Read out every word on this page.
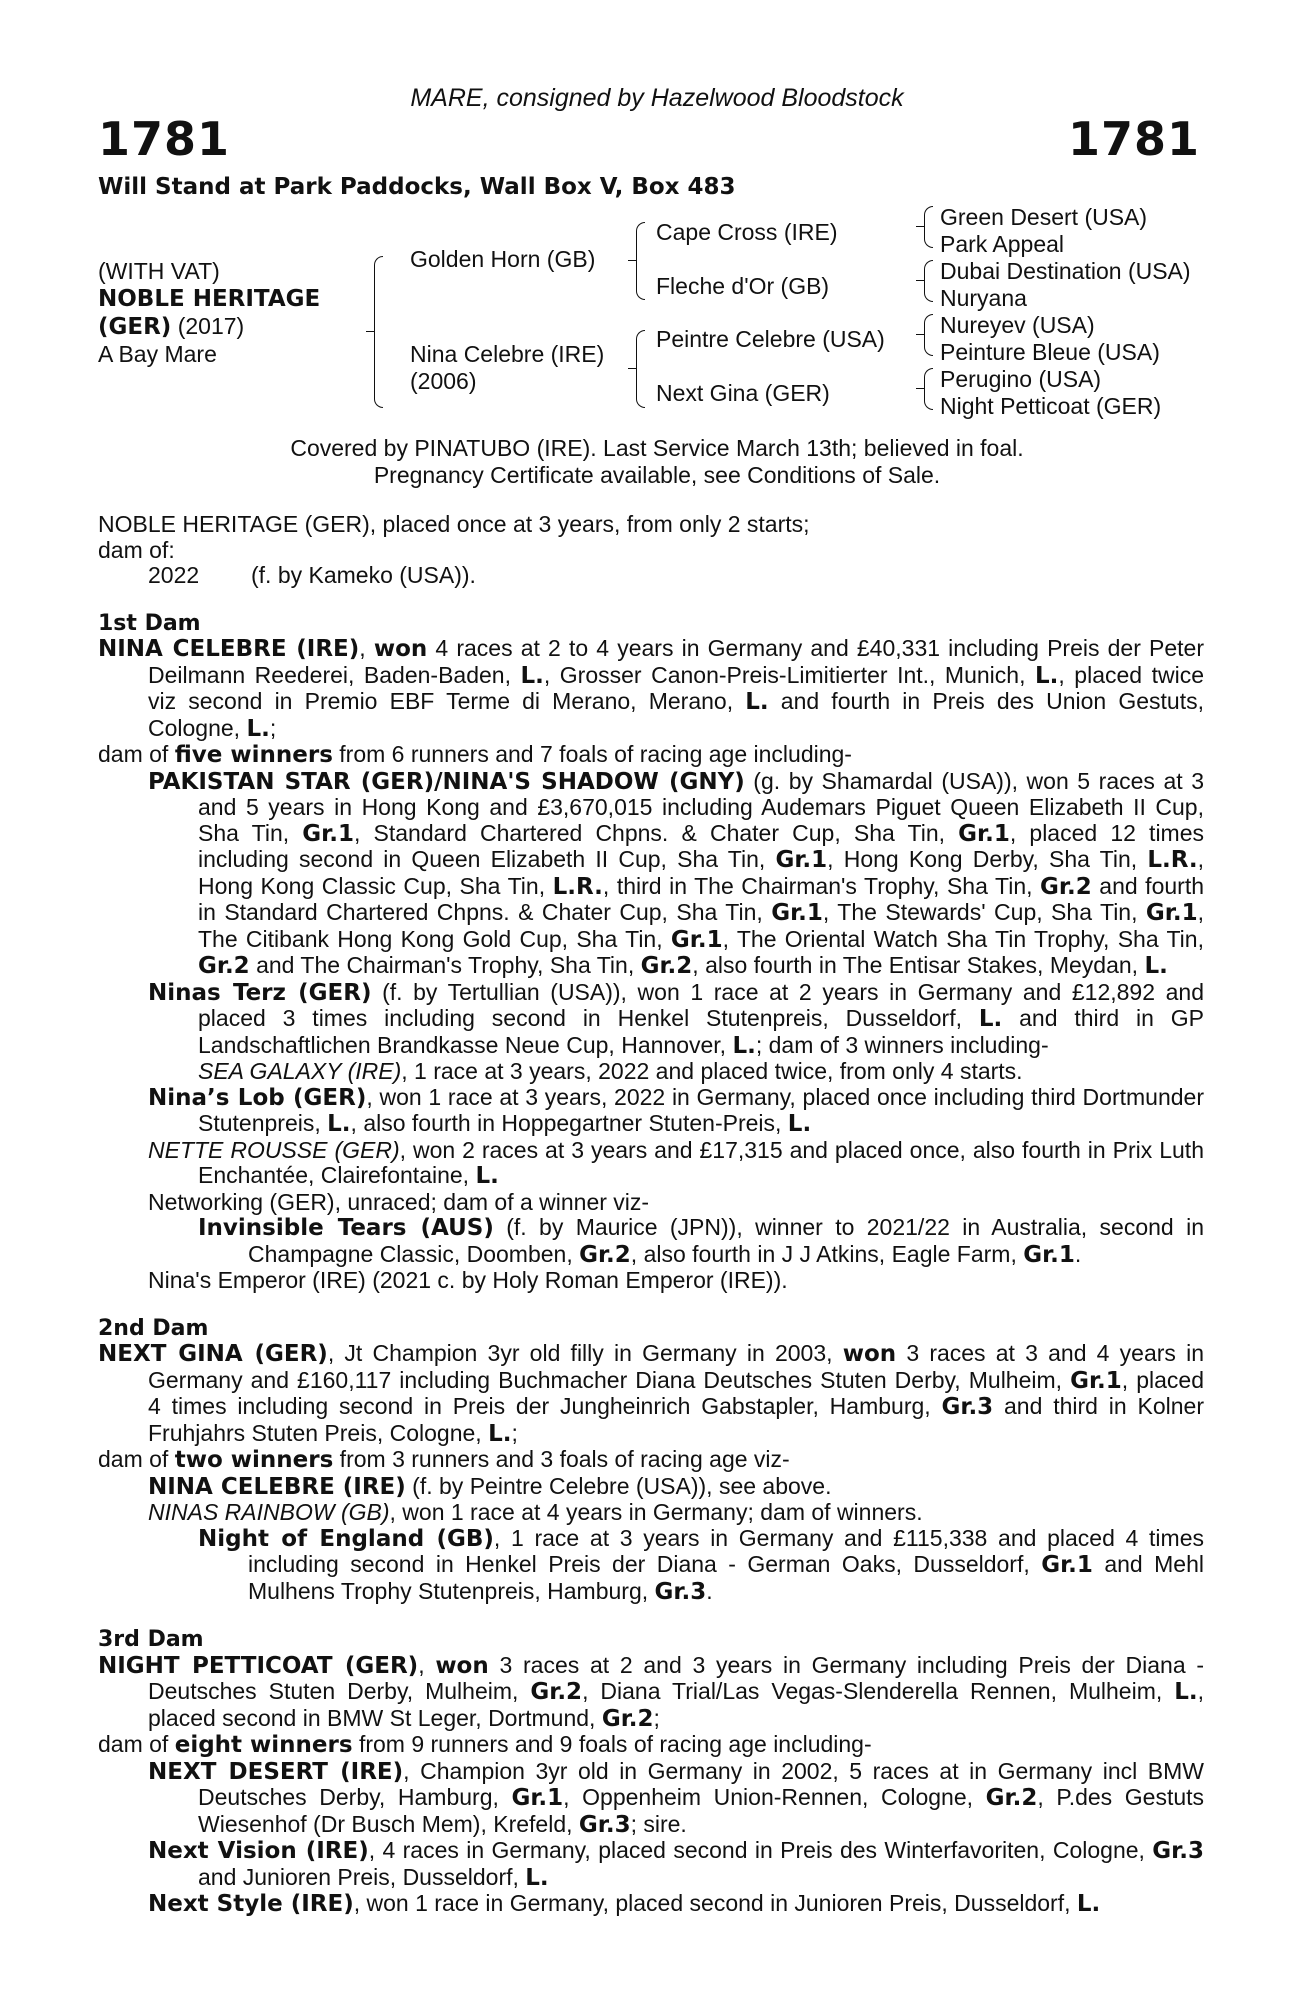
MARE, consigned by Hazelwood Bloodstock
1781	1781
Will Stand at Park Paddocks, Wall Box V, Box 483
(WITH VAT)
NOBLE HERITAGE
(GER) (2017)
A Bay Mare
Golden Horn (GB)
Nina Celebre (IRE)
(2006)
Cape Cross (IRE)
Fleche d'Or (GB)
Peintre Celebre (USA)
Next Gina (GER)
Green Desert (USA)
Park Appeal
Dubai Destination (USA)
Nuryana
Nureyev (USA)
Peinture Bleue (USA)
Perugino (USA)
Night Petticoat (GER)
Covered by PINATUBO (IRE). Last Service March 13th; believed in foal.
Pregnancy Certificate available, see Conditions of Sale.
NOBLE HERITAGE (GER), placed once at 3 years, from only 2 starts;
dam of:
2022 (f. by Kameko (USA)).
1st Dam
NINA CELEBRE (IRE), won 4 races at 2 to 4 years in Germany and £40,331 including Preis der Peter Deilmann Reederei, Baden-Baden, L., Grosser Canon-Preis-Limitierter Int., Munich, L., placed twice viz second in Premio EBF Terme di Merano, Merano, L. and fourth in Preis des Union Gestuts, Cologne, L.;
dam of five winners from 6 runners and 7 foals of racing age including-
PAKISTAN STAR (GER)/NINA'S SHADOW (GNY) (g. by Shamardal (USA)), won 5 races at 3 and 5 years in Hong Kong and £3,670,015 including Audemars Piguet Queen Elizabeth II Cup, Sha Tin, Gr.1, Standard Chartered Chpns. & Chater Cup, Sha Tin, Gr.1, placed 12 times including second in Queen Elizabeth II Cup, Sha Tin, Gr.1, Hong Kong Derby, Sha Tin, L.R., Hong Kong Classic Cup, Sha Tin, L.R., third in The Chairman's Trophy, Sha Tin, Gr.2 and fourth in Standard Chartered Chpns. & Chater Cup, Sha Tin, Gr.1, The Stewards' Cup, Sha Tin, Gr.1, The Citibank Hong Kong Gold Cup, Sha Tin, Gr.1, The Oriental Watch Sha Tin Trophy, Sha Tin, Gr.2 and The Chairman's Trophy, Sha Tin, Gr.2, also fourth in The Entisar Stakes, Meydan, L.
Ninas Terz (GER) (f. by Tertullian (USA)), won 1 race at 2 years in Germany and £12,892 and placed 3 times including second in Henkel Stutenpreis, Dusseldorf, L. and third in GP Landschaftlichen Brandkasse Neue Cup, Hannover, L.; dam of 3 winners including-
SEA GALAXY (IRE), 1 race at 3 years, 2022 and placed twice, from only 4 starts.
Nina’s Lob (GER), won 1 race at 3 years, 2022 in Germany, placed once including third Dortmunder Stutenpreis, L., also fourth in Hoppegartner Stuten-Preis, L.
NETTE ROUSSE (GER), won 2 races at 3 years and £17,315 and placed once, also fourth in Prix Luth Enchantée, Clairefontaine, L.
Networking (GER), unraced; dam of a winner viz-
Invinsible Tears (AUS) (f. by Maurice (JPN)), winner to 2021/22 in Australia, second in Champagne Classic, Doomben, Gr.2, also fourth in J J Atkins, Eagle Farm, Gr.1.
Nina's Emperor (IRE) (2021 c. by Holy Roman Emperor (IRE)).
2nd Dam
NEXT GINA (GER), Jt Champion 3yr old filly in Germany in 2003, won 3 races at 3 and 4 years in Germany and £160,117 including Buchmacher Diana Deutsches Stuten Derby, Mulheim, Gr.1, placed 4 times including second in Preis der Jungheinrich Gabstapler, Hamburg, Gr.3 and third in Kolner Fruhjahrs Stuten Preis, Cologne, L.;
dam of two winners from 3 runners and 3 foals of racing age viz-
NINA CELEBRE (IRE) (f. by Peintre Celebre (USA)), see above.
NINAS RAINBOW (GB), won 1 race at 4 years in Germany; dam of winners.
Night of England (GB), 1 race at 3 years in Germany and £115,338 and placed 4 times including second in Henkel Preis der Diana - German Oaks, Dusseldorf, Gr.1 and Mehl Mulhens Trophy Stutenpreis, Hamburg, Gr.3.
3rd Dam
NIGHT PETTICOAT (GER), won 3 races at 2 and 3 years in Germany including Preis der Diana - Deutsches Stuten Derby, Mulheim, Gr.2, Diana Trial/Las Vegas-Slenderella Rennen, Mulheim, L., placed second in BMW St Leger, Dortmund, Gr.2;
dam of eight winners from 9 runners and 9 foals of racing age including-
NEXT DESERT (IRE), Champion 3yr old in Germany in 2002, 5 races at in Germany incl BMW Deutsches Derby, Hamburg, Gr.1, Oppenheim Union-Rennen, Cologne, Gr.2, P.des Gestuts Wiesenhof (Dr Busch Mem), Krefeld, Gr.3; sire.
Next Vision (IRE), 4 races in Germany, placed second in Preis des Winterfavoriten, Cologne, Gr.3 and Junioren Preis, Dusseldorf, L.
Next Style (IRE), won 1 race in Germany, placed second in Junioren Preis, Dusseldorf, L.
